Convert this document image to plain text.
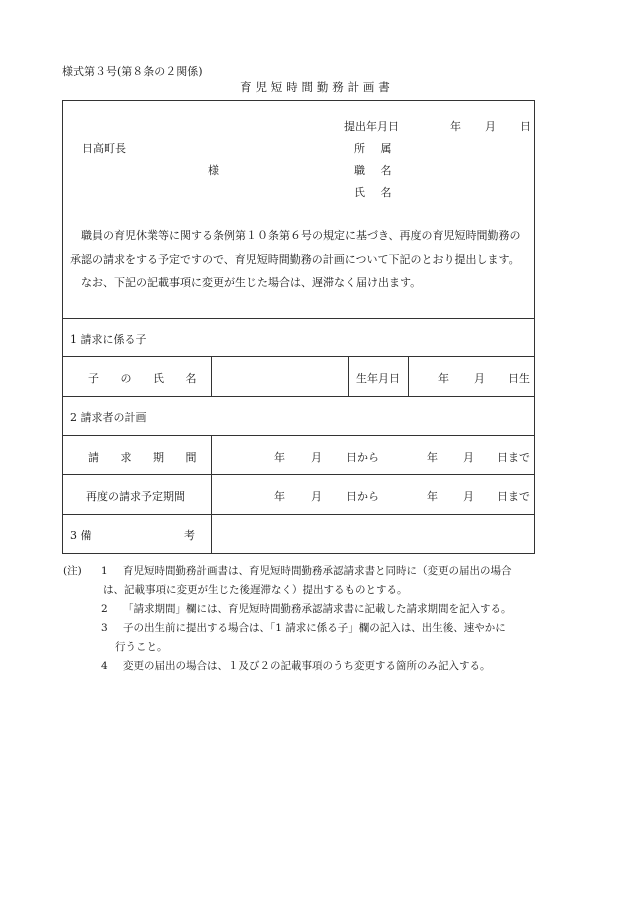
様式第３号(第８条の２関係)
育 児 短 時 間 勤 務 計 画 書
提出年月日	年 月 日
日高町長	所 属
様	職 名
氏 名

職員の育児休業等に関する条例第１０条第６号の規定に基づき、再度の育児短時間勤務の承認の請求をする予定ですので、育児短時間勤務の計画について下記のとおり提出します。

なお、下記の記載事項に変更が生じた場合は、遅滞なく届け出ます。

1 請求に係る子
子 の 氏 名	生年月日	年 月 日生
2 請求者の計画
請 求 期 間	年 月 日から	年 月 日まで
再度の請求予定期間	年 月 日から	年 月 日まで
3 備	考
(注) 1 育児短時間勤務計画書は、育児短時間勤務承認請求書と同時に（変更の届出の場合
は、記載事項に変更が生じた後遅滞なく）提出するものとする。
2 「請求期間」欄には、育児短時間勤務承認請求書に記載した請求期間を記入する。
3 子の出生前に提出する場合は、「1 請求に係る子」欄の記入は、出生後、速やかに
行うこと。
4 変更の届出の場合は、１及び２の記載事項のうち変更する箇所のみ記入する。
